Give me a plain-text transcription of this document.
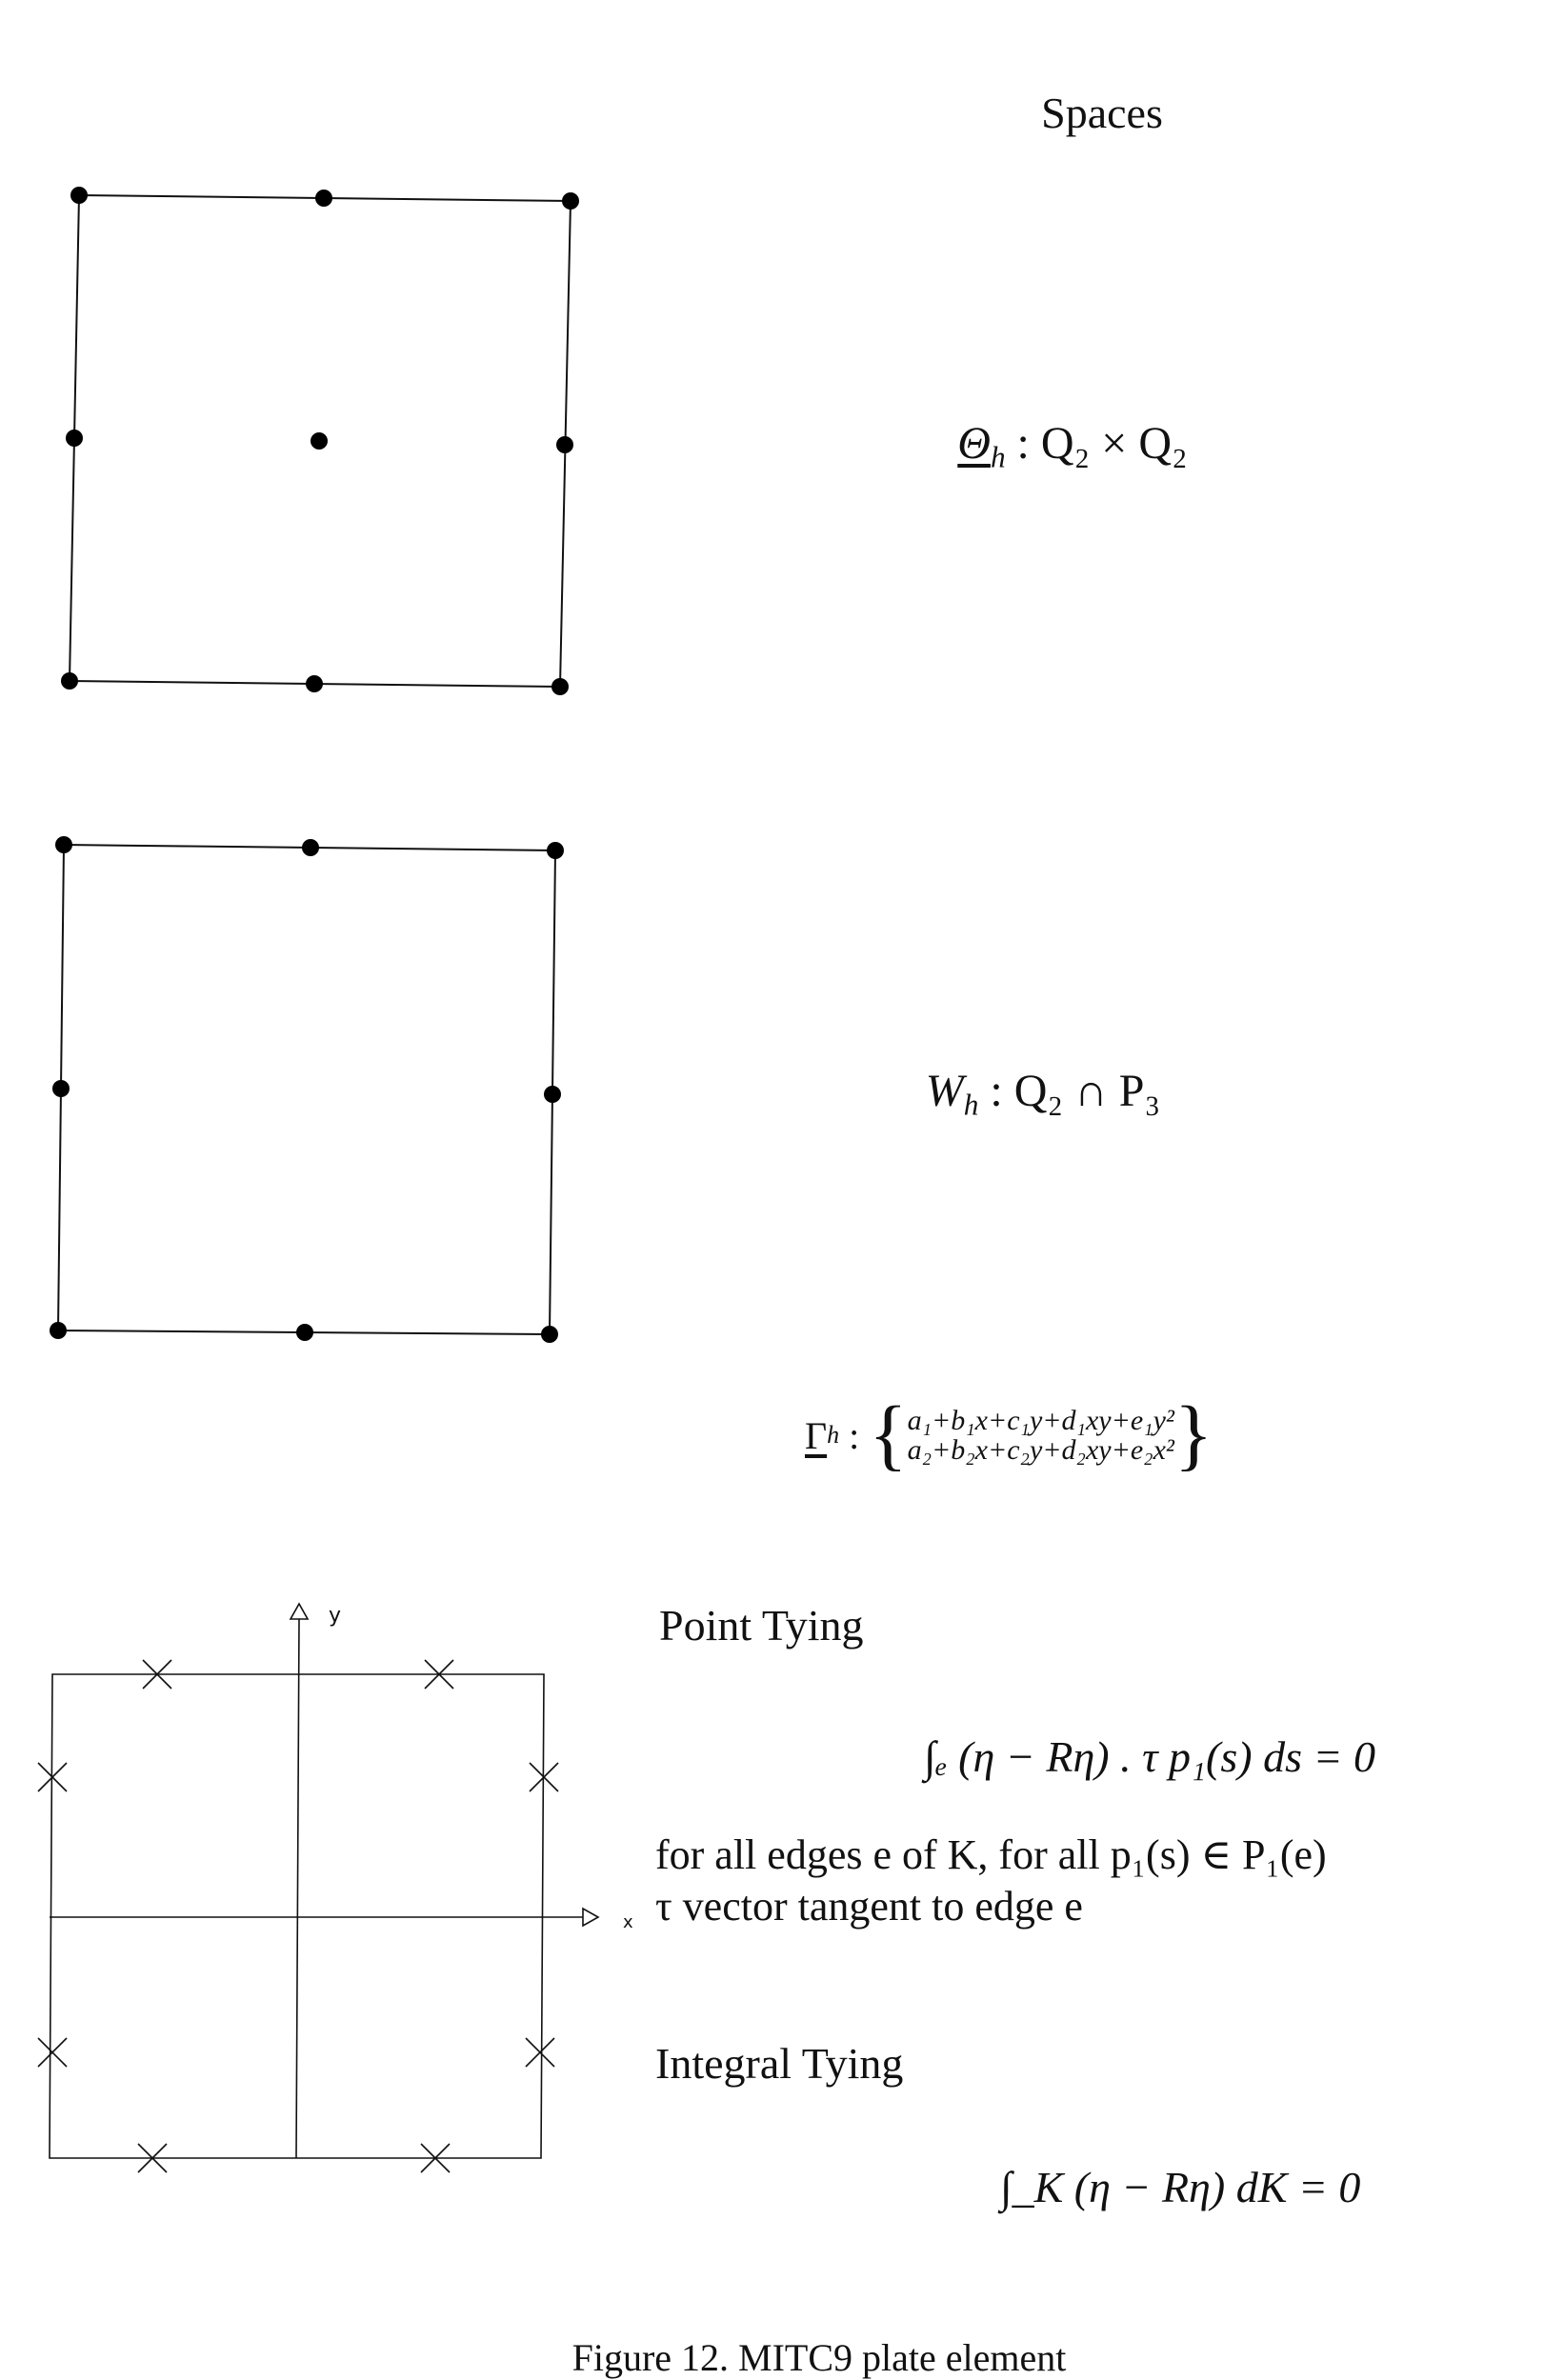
y
x
Spaces
$\Theta_h$ : Q₂ × Q₂
$W_h$ : Q₂ ∩ P₃
Γ h
:
{ a₁+b₁x+c₁y+d₁xy+e₁y²
a₂+b₂x+c₂y+d₂xy+e₂x² }
Point Tying
∫ₑ (η − Rη) . τ p₁(s) ds = 0
for all edges e of K, for all p₁(s) ∈ P₁(e)
τ vector tangent to edge e
Integral Tying
∫_K (η − Rη) dK = 0
Figure 12. MITC9 plate element
